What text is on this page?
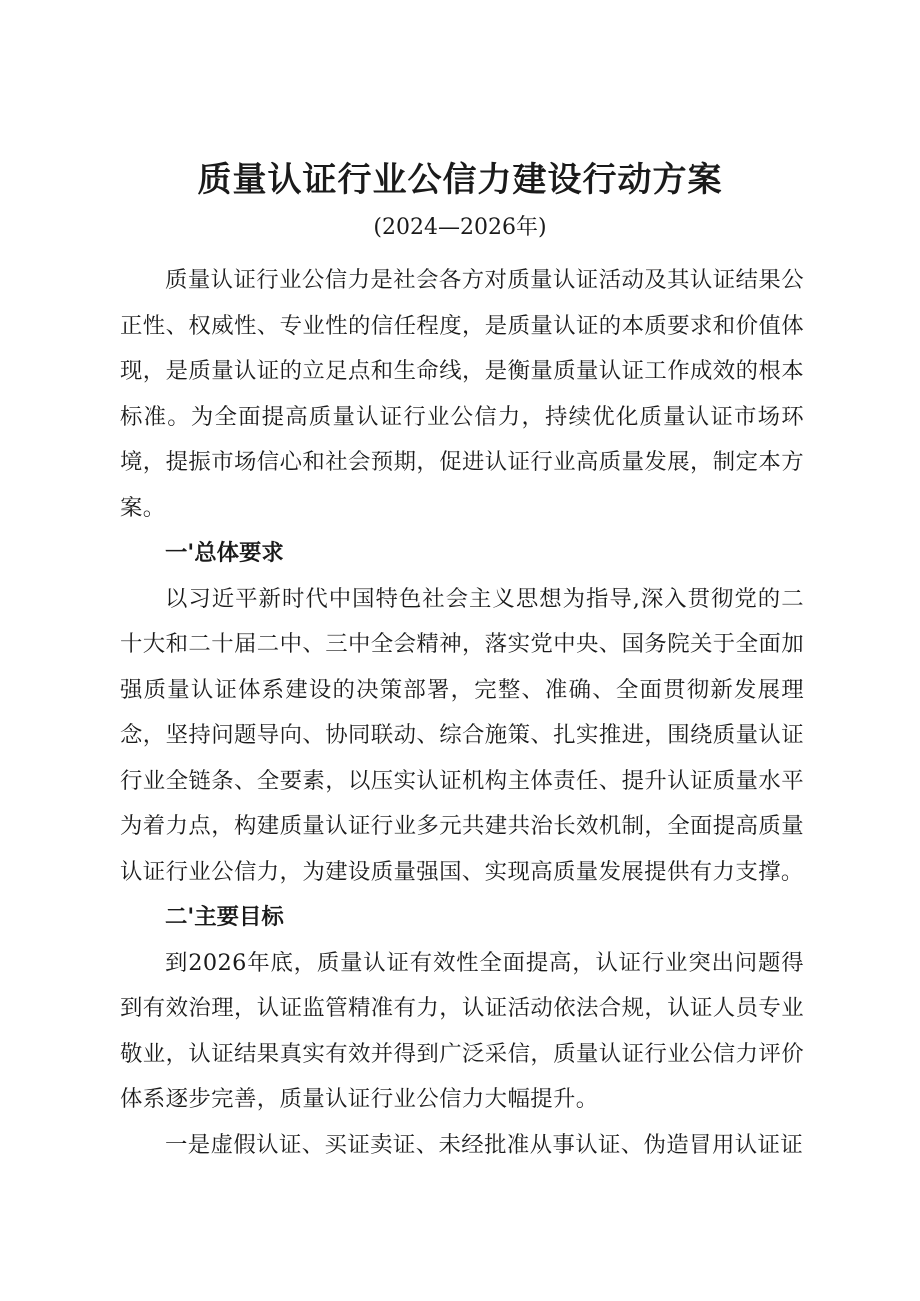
质量认证行业公信力建设行动方案
(2024—2026年)

质量认证行业公信力是社会各方对质量认证活动及其认证结果公正性、权威性、专业性的信任程度，是质量认证的本质要求和价值体现，是质量认证的立足点和生命线，是衡量质量认证工作成效的根本标准。为全面提高质量认证行业公信力，持续优化质量认证市场环境，提振市场信心和社会预期，促进认证行业高质量发展，制定本方案。

一'总体要求

以习近平新时代中国特色社会主义思想为指导,深入贯彻党的二十大和二十届二中、三中全会精神，落实党中央、国务院关于全面加强质量认证体系建设的决策部署，完整、准确、全面贯彻新发展理念，坚持问题导向、协同联动、综合施策、扎实推进，围绕质量认证行业全链条、全要素，以压实认证机构主体责任、提升认证质量水平为着力点，构建质量认证行业多元共建共治长效机制，全面提高质量认证行业公信力，为建设质量强国、实现高质量发展提供有力支撑。

二'主要目标

到2026年底，质量认证有效性全面提高，认证行业突出问题得到有效治理，认证监管精准有力，认证活动依法合规，认证人员专业敬业，认证结果真实有效并得到广泛采信，质量认证行业公信力评价体系逐步完善，质量认证行业公信力大幅提升。

一是虚假认证、买证卖证、未经批准从事认证、伪造冒用认证证
